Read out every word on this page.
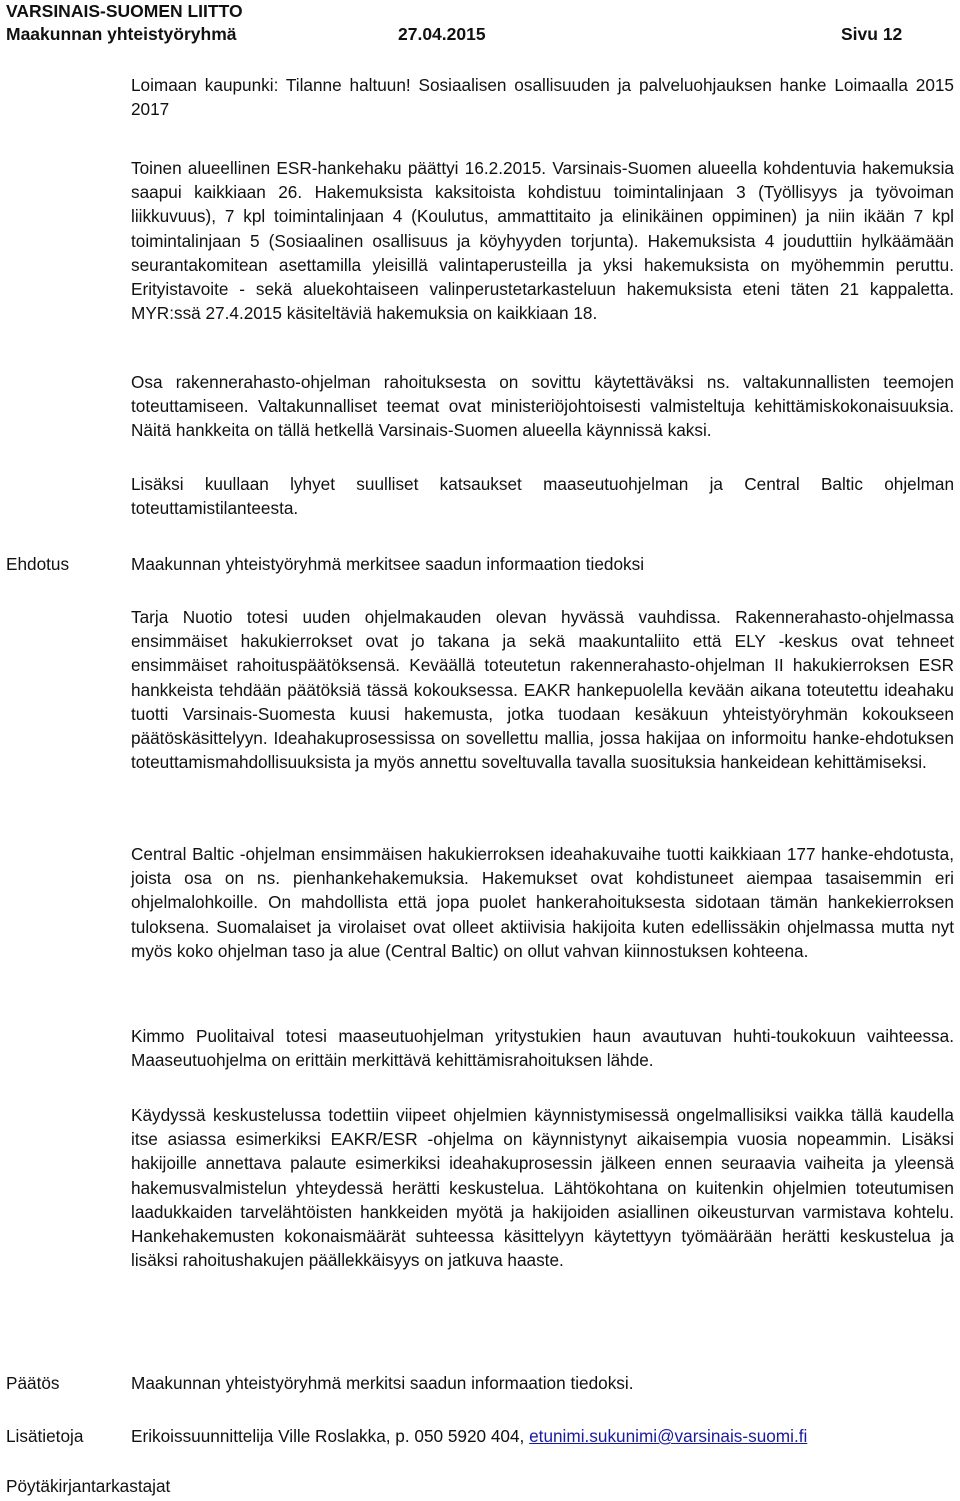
VARSINAIS-SUOMEN LIITTO
Maakunnan yhteistyöryhmä	27.04.2015	Sivu 12

Loimaan kaupunki: Tilanne haltuun! Sosiaalisen osallisuuden ja palveluohjauksen hanke Loimaalla 2015 2017

Toinen alueellinen ESR-hankehaku päättyi 16.2.2015. Varsinais-Suomen alueella kohdentuvia hakemuksia saapui kaikkiaan 26. Hakemuksista kaksitoista kohdistuu toimintalinjaan 3 (Työllisyys ja työvoiman liikkuvuus), 7 kpl toimintalinjaan 4 (Koulutus, ammattitaito ja elinikäinen oppiminen) ja niin ikään 7 kpl toimintalinjaan 5 (Sosiaalinen osallisuus ja köyhyyden torjunta). Hakemuksista 4 jouduttiin hylkäämään seurantakomitean asettamilla yleisillä valintaperusteilla ja yksi hakemuksista on myöhemmin peruttu. Erityistavoite - sekä aluekohtaiseen valinperustetarkasteluun hakemuksista eteni täten 21 kappaletta. MYR:ssä 27.4.2015 käsiteltäviä hakemuksia on kaikkiaan 18.

Osa rakennerahasto-ohjelman rahoituksesta on sovittu käytettäväksi ns. valtakunnallisten teemojen toteuttamiseen. Valtakunnalliset teemat ovat ministeriöjohtoisesti valmisteltuja kehittämiskokonaisuuksia. Näitä hankkeita on tällä hetkellä Varsinais-Suomen alueella käynnissä kaksi.

Lisäksi kuullaan lyhyet suulliset katsaukset maaseutuohjelman ja Central Baltic ohjelman toteuttamistilanteesta.

Ehdotus	Maakunnan yhteistyöryhmä merkitsee saadun informaation tiedoksi

Tarja Nuotio totesi uuden ohjelmakauden olevan hyvässä vauhdissa. Rakennerahasto-ohjelmassa ensimmäiset hakukierrokset ovat jo takana ja sekä maakuntaliito että ELY -keskus ovat tehneet ensimmäiset rahoituspäätöksensä. Keväällä toteutetun rakennerahasto-ohjelman II hakukierroksen ESR hankkeista tehdään päätöksiä tässä kokouksessa. EAKR hankepuolella kevään aikana toteutettu ideahaku tuotti Varsinais-Suomesta kuusi hakemusta, jotka tuodaan kesäkuun yhteistyöryhmän kokoukseen päätöskäsittelyyn. Ideahakuprosessissa on sovellettu mallia, jossa hakijaa on informoitu hanke-ehdotuksen toteuttamismahdollisuuksista ja myös annettu soveltuvalla tavalla suosituksia hankeidean kehittämiseksi.

Central Baltic -ohjelman ensimmäisen hakukierroksen ideahakuvaihe tuotti kaikkiaan 177 hanke-ehdotusta, joista osa on ns. pienhankehakemuksia. Hakemukset ovat kohdistuneet aiempaa tasaisemmin eri ohjelmalohkoille. On mahdollista että jopa puolet hankerahoituksesta sidotaan tämän hankekierroksen tuloksena. Suomalaiset ja virolaiset ovat olleet aktiivisia hakijoita kuten edellissäkin ohjelmassa mutta nyt myös koko ohjelman taso ja alue (Central Baltic) on ollut vahvan kiinnostuksen kohteena.

Kimmo Puolitaival totesi maaseutuohjelman yritystukien haun avautuvan huhti-toukokuun vaihteessa. Maaseutuohjelma on erittäin merkittävä kehittämisrahoituksen lähde.

Käydyssä keskustelussa todettiin viipeet ohjelmien käynnistymisessä ongelmallisiksi vaikka tällä kaudella itse asiassa esimerkiksi EAKR/ESR -ohjelma on käynnistynyt aikaisempia vuosia nopeammin. Lisäksi hakijoille annettava palaute esimerkiksi ideahakuprosessin jälkeen ennen seuraavia vaiheita ja yleensä hakemusvalmistelun yhteydessä herätti keskustelua. Lähtökohtana on kuitenkin ohjelmien toteutumisen laadukkaiden tarvelähtöisten hankkeiden myötä ja hakijoiden asiallinen oikeusturvan varmistava kohtelu. Hankehakemusten kokonaismäärät suhteessa käsittelyyn käytettyyn työmäärään herätti keskustelua ja lisäksi rahoitushakujen päällekkäisyys on jatkuva haaste.

Päätös	Maakunnan yhteistyöryhmä merkitsi saadun informaation tiedoksi.

Lisätietoja	Erikoissuunnittelija Ville Roslakka, p. 050 5920 404, etunimi.sukunimi@varsinais-suomi.fi

Pöytäkirjantarkastajat
